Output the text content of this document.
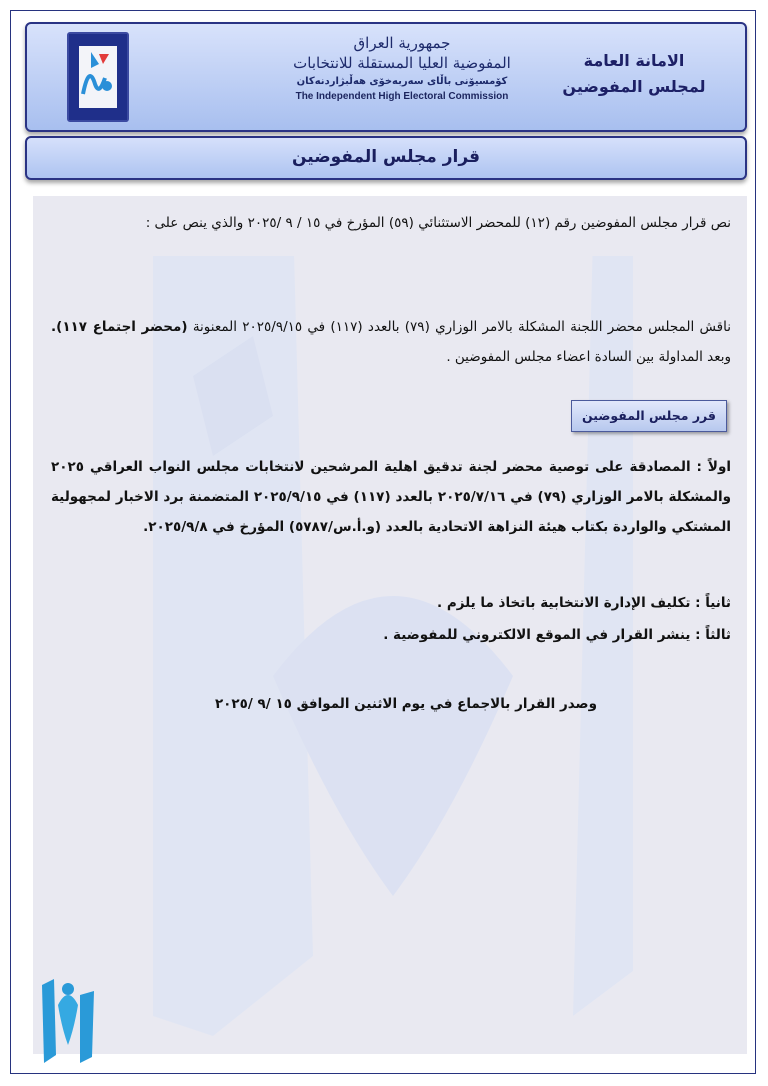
جمهورية العراق
المفوضية العليا المستقلة للانتخابات
كۆمسیۆنی باڵای سەربەخۆی هەڵبژاردنەکان
The Independent High Electoral Commission
الامانة العامة
لمجلس المفوضين
قرار مجلس المفوضين
نص قرار مجلس المفوضين رقم (١٢) للمحضر الاستثنائي (٥٩) المؤرخ في ١٥ / ٩ /٢٠٢٥ والذي ينص على :
ناقش المجلس محضر اللجنة المشكلة بالامر الوزاري (٧٩) بالعدد (١١٧) في ٢٠٢٥/٩/١٥ المعنونة (محضر اجتماع ١١٧). وبعد المداولة بين السادة اعضاء مجلس المفوضين .
قرر مجلس المفوضين
اولاً : المصادقة على توصية محضر لجنة تدقيق اهلية المرشحين لانتخابات مجلس النواب العراقي ٢٠٢٥ والمشكلة بالامر الوزاري (٧٩) في ٢٠٢٥/٧/١٦ بالعدد (١١٧) في ٢٠٢٥/٩/١٥ المتضمنة برد الاخبار لمجهولية المشتكي والواردة بكتاب هيئة النزاهة الاتحادية بالعدد (و.أ.س/٥٧٨٧) المؤرخ في ٢٠٢٥/٩/٨.
ثانياً : تكليف الإدارة الانتخابية باتخاذ ما يلزم .
ثالثاً : ينشر القرار في الموقع الالكتروني للمفوضية .
وصدر القرار بالاجماع في يوم الاثنين الموافق ١٥ /٩ /٢٠٢٥
